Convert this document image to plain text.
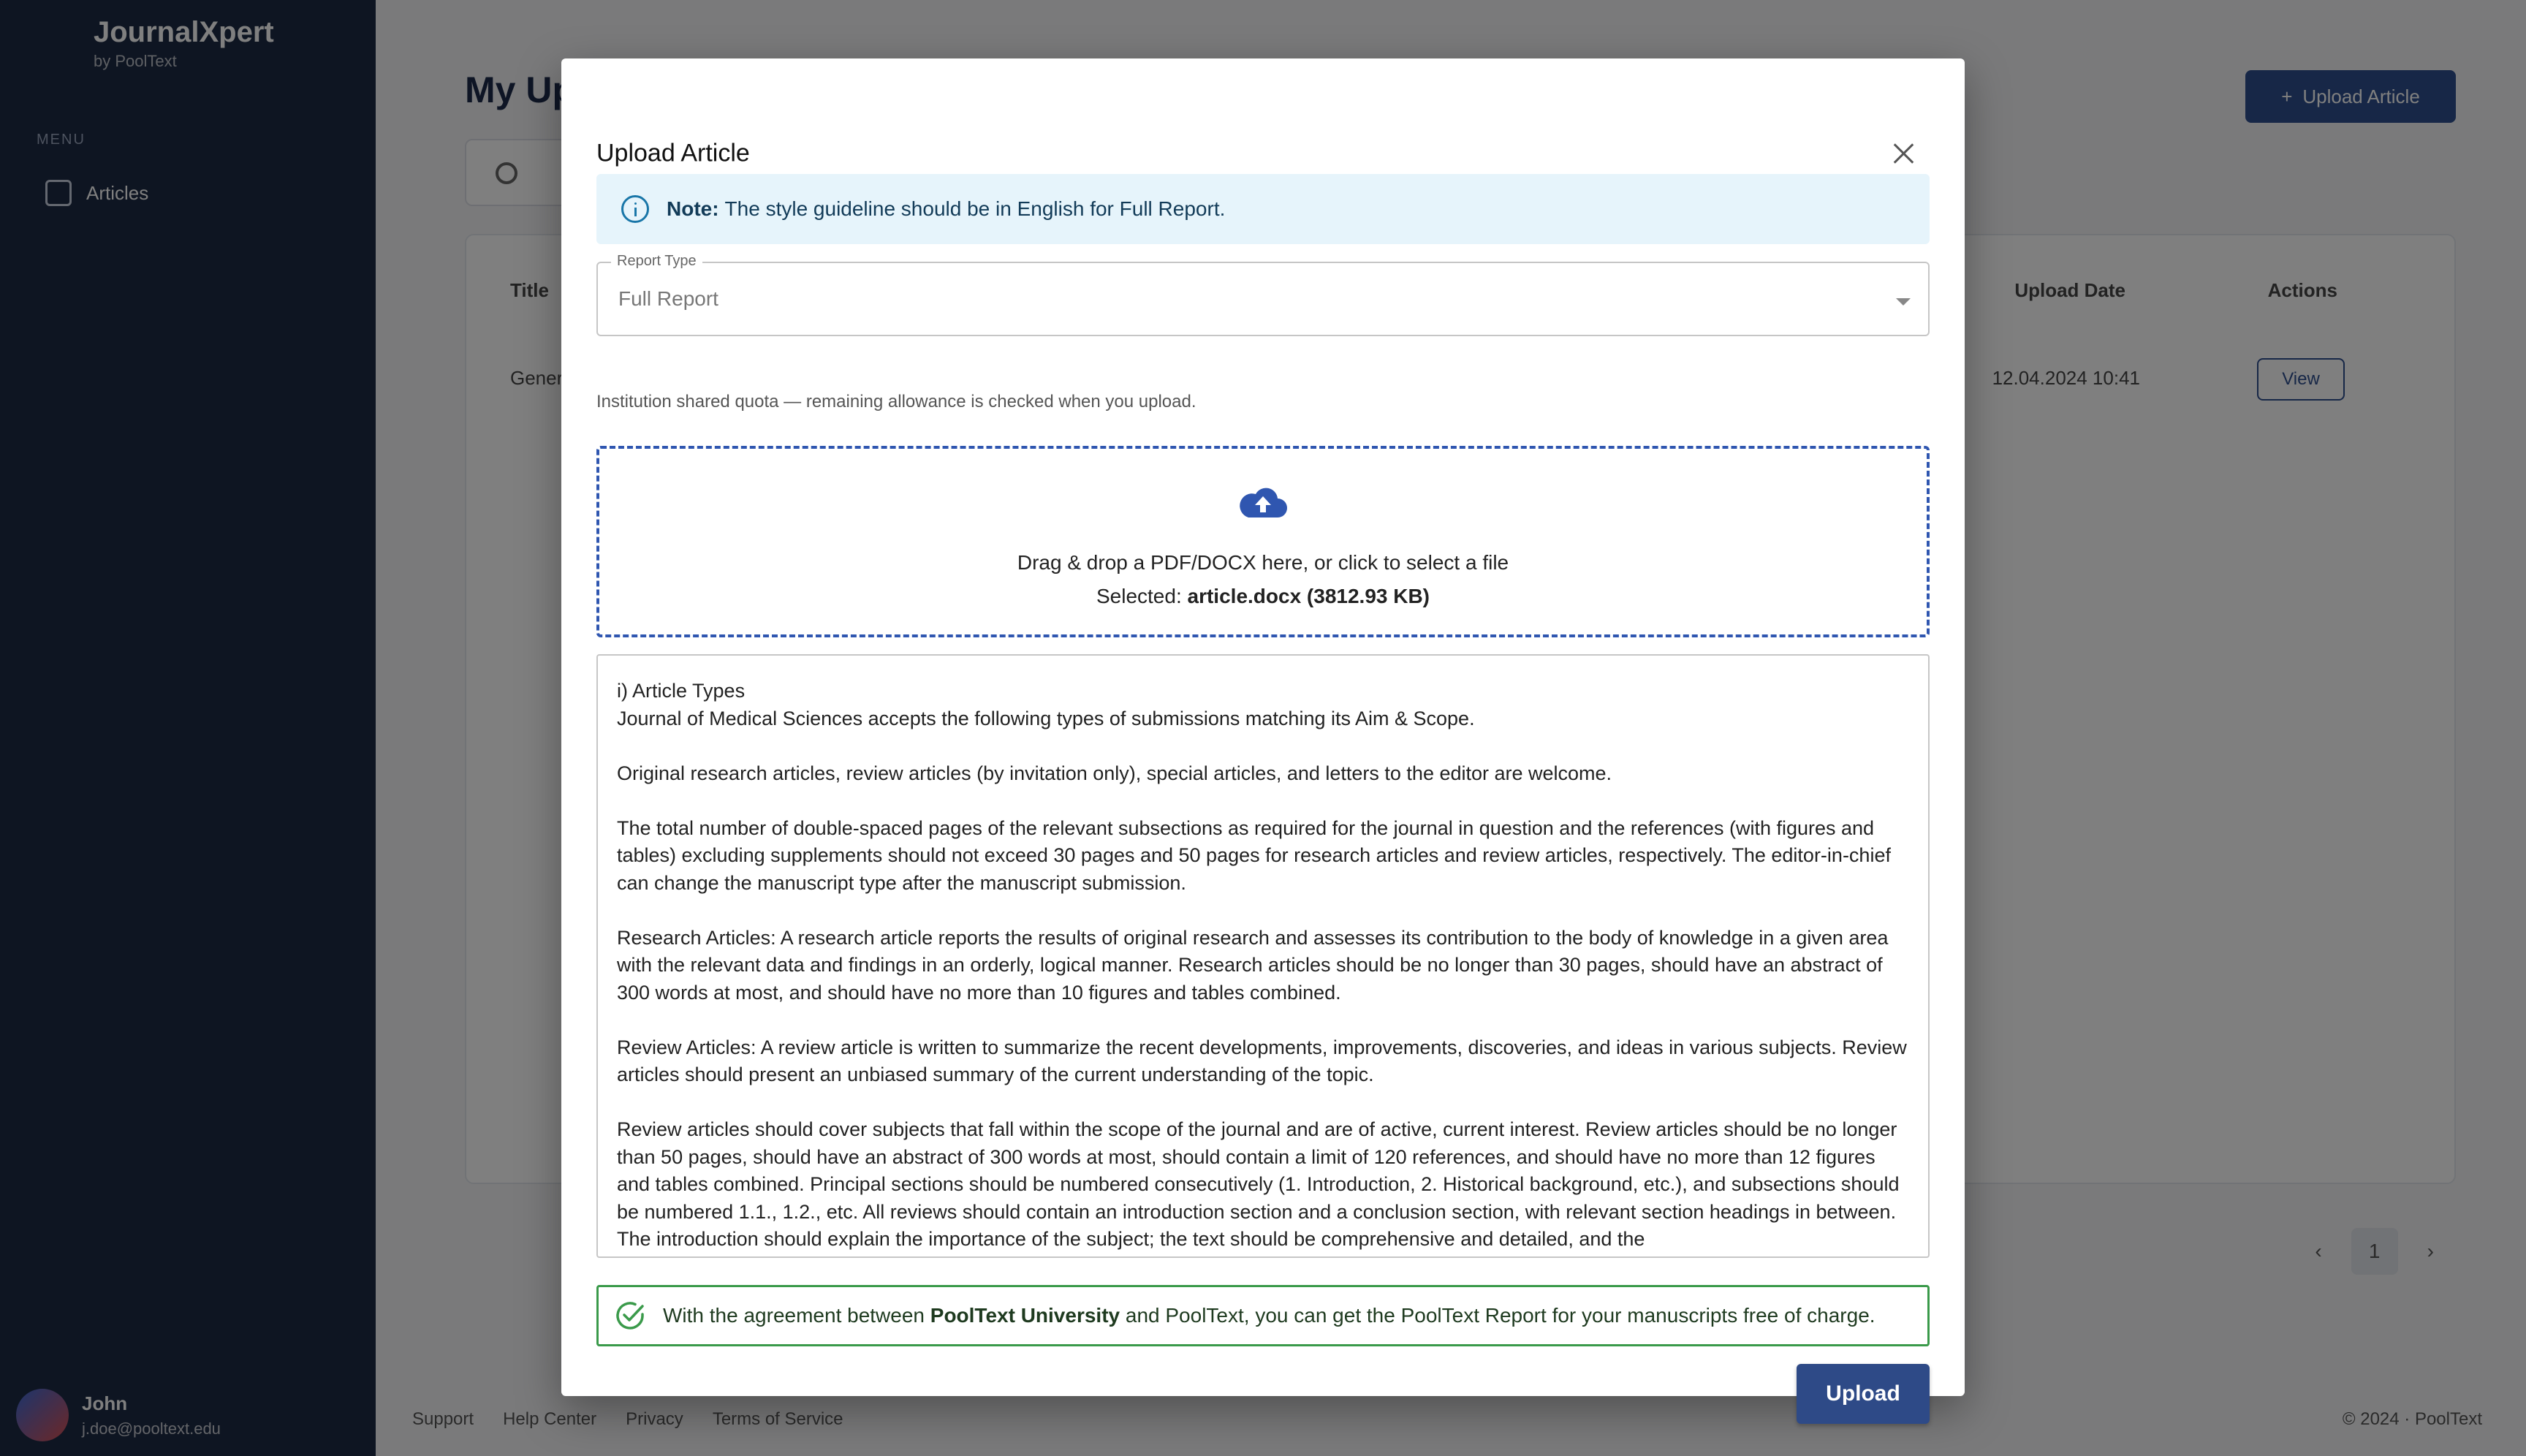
Upload Article
Note: The style guideline should be in English for Full Report.
Report Type
Full Report
Institution shared quota — remaining allowance is checked when you upload.
Drag & drop a PDF/DOCX here, or click to select a file
Selected: article.docx (3812.93 KB)

i) Article Types

Journal of Medical Sciences accepts the following types of submissions matching its Aim & Scope.

Original research articles, review articles (by invitation only), special articles, and letters to the editor are welcome.

The total number of double-spaced pages of the relevant subsections as required for the journal in question and the references (with figures and tables) excluding supplements should not exceed 30 pages and 50 pages for research articles and review articles, respectively. The editor-in-chief can change the manuscript type after the manuscript submission.

Research Articles: A research article reports the results of original research and assesses its contribution to the body of knowledge in a given area with the relevant data and findings in an orderly, logical manner. Research articles should be no longer than 30 pages, should have an abstract of 300 words at most, and should have no more than 10 figures and tables combined.

Review Articles: A review article is written to summarize the recent developments, improvements, discoveries, and ideas in various subjects. Review articles should present an unbiased summary of the current understanding of the topic.

Review articles should cover subjects that fall within the scope of the journal and are of active, current interest. Review articles should be no longer than 50 pages, should have an abstract of 300 words at most, should contain a limit of 120 references, and should have no more than 12 figures and tables combined. Principal sections should be numbered consecutively (1. Introduction, 2. Historical background, etc.), and subsections should be numbered 1.1., 1.2., etc. All reviews should contain an introduction section and a conclusion section, with relevant section headings in between. The introduction should explain the importance of the subject; the text should be comprehensive and detailed, and the

With the agreement between PoolText University and PoolText, you can get the PoolText Report for your manuscripts free of charge.
Upload
